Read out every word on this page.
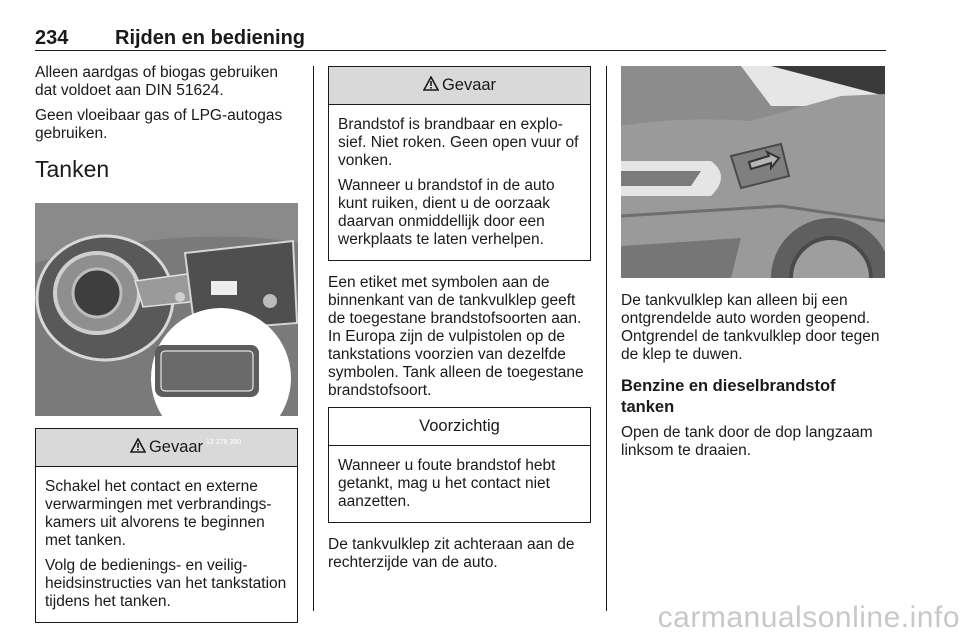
234 Rijden en bediening

Alleen aardgas of biogas gebruiken dat voldoet aan DIN 51624.

Geen vloeibaar gas of LPG-autogas gebruiken.

Tanken
13 278 390
Gevaar

Schakel het contact en externe verwarmingen met verbrandingskamers uit alvorens te beginnen met tanken.

Volg de bedienings- en veiligheidsinstructies van het tankstation tijdens het tanken.

Gevaar

Brandstof is brandbaar en explosief. Niet roken. Geen open vuur of vonken.

Wanneer u brandstof in de auto kunt ruiken, dient u de oorzaak daarvan onmiddellijk door een werkplaats te laten verhelpen.

Een etiket met symbolen aan de binnenkant van de tankvulklep geeft de toegestane brandstofsoorten aan. In Europa zijn de vulpistolen op de tankstations voorzien van dezelfde symbolen. Tank alleen de toegestane brandstofsoort.

Voorzichtig

Wanneer u foute brandstof hebt getankt, mag u het contact niet aanzetten.

De tankvulklep zit achteraan aan de rechterzijde van de auto.

De tankvulklep kan alleen bij een ontgrendelde auto worden geopend. Ontgrendel de tankvulklep door tegen de klep te duwen.

Benzine en dieselbrandstof tanken

Open de tank door de dop langzaam linksom te draaien.

carmanualsonline.info
